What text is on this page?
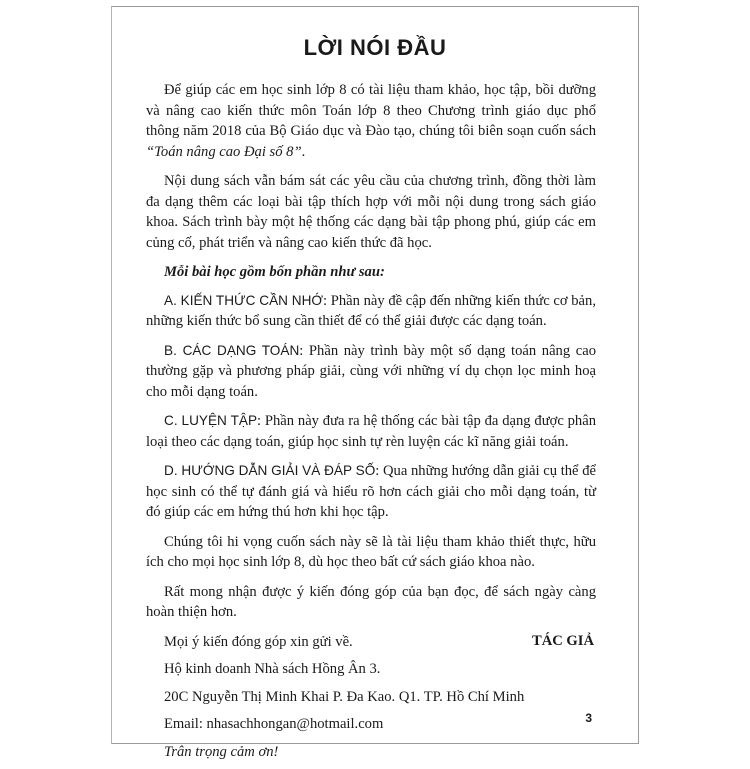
LỜI NÓI ĐẦU

Để giúp các em học sinh lớp 8 có tài liệu tham khảo, học tập, bồi dưỡng và nâng cao kiến thức môn Toán lớp 8 theo Chương trình giáo dục phổ thông năm 2018 của Bộ Giáo dục và Đào tạo, chúng tôi biên soạn cuốn sách “Toán nâng cao Đại số 8”.

Nội dung sách vẫn bám sát các yêu cầu của chương trình, đồng thời làm đa dạng thêm các loại bài tập thích hợp với mỗi nội dung trong sách giáo khoa. Sách trình bày một hệ thống các dạng bài tập phong phú, giúp các em củng cố, phát triển và nâng cao kiến thức đã học.

Mỗi bài học gồm bốn phần như sau:

A. KIẾN THỨC CẦN NHỚ: Phần này đề cập đến những kiến thức cơ bản, những kiến thức bổ sung cần thiết để có thể giải được các dạng toán.

B. CÁC DẠNG TOÁN: Phần này trình bày một số dạng toán nâng cao thường gặp và phương pháp giải, cùng với những ví dụ chọn lọc minh hoạ cho mỗi dạng toán.

C. LUYỆN TẬP: Phần này đưa ra hệ thống các bài tập đa dạng được phân loại theo các dạng toán, giúp học sinh tự rèn luyện các kĩ năng giải toán.

D. HƯỚNG DẪN GIẢI VÀ ĐÁP SỐ: Qua những hướng dẫn giải cụ thể để học sinh có thể tự đánh giá và hiểu rõ hơn cách giải cho mỗi dạng toán, từ đó giúp các em hứng thú hơn khi học tập.

Chúng tôi hi vọng cuốn sách này sẽ là tài liệu tham khảo thiết thực, hữu ích cho mọi học sinh lớp 8, dù học theo bất cứ sách giáo khoa nào.

Rất mong nhận được ý kiến đóng góp của bạn đọc, để sách ngày càng hoàn thiện hơn.

Mọi ý kiến đóng góp xin gửi về.

Hộ kinh doanh Nhà sách Hồng Ân 3.

20C Nguyễn Thị Minh Khai P. Đa Kao. Q1. TP. Hồ Chí Minh

Email: nhasachhongan@hotmail.com

Trân trọng cảm ơn!

TÁC GIẢ
3
